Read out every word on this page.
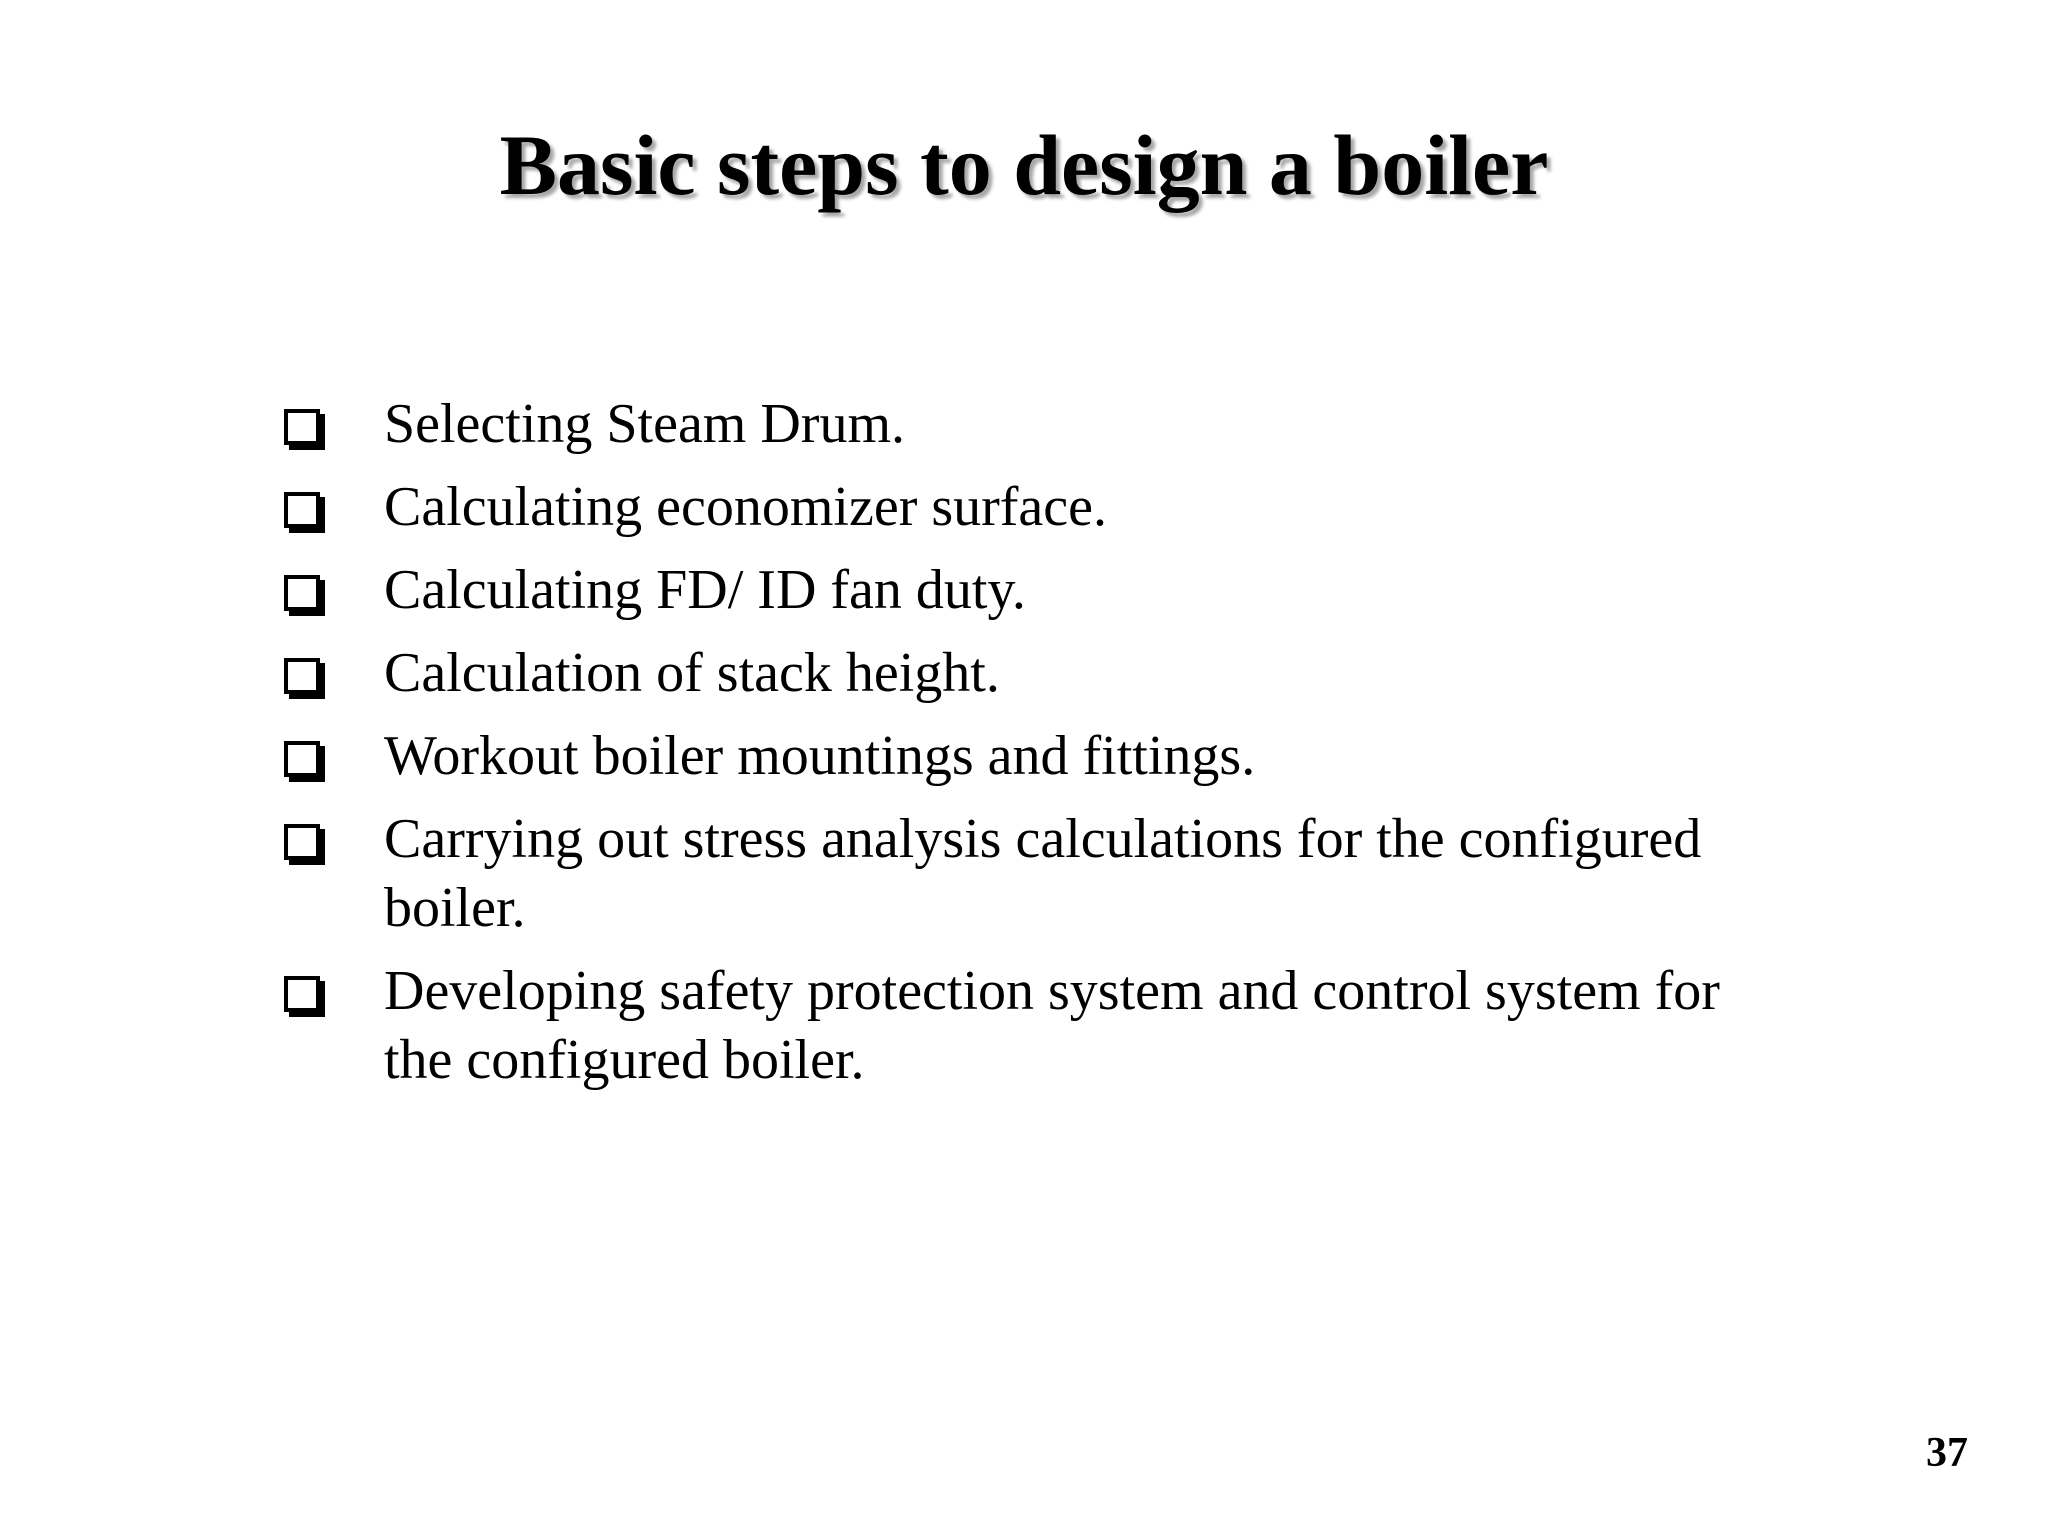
Basic steps to design a boiler
Selecting Steam Drum.
Calculating economizer surface.
Calculating FD/ ID fan duty.
Calculation of stack height.
Workout boiler mountings and fittings.
Carrying out stress analysis calculations for the configured boiler.
Developing safety protection system and control system for the configured boiler.
37
